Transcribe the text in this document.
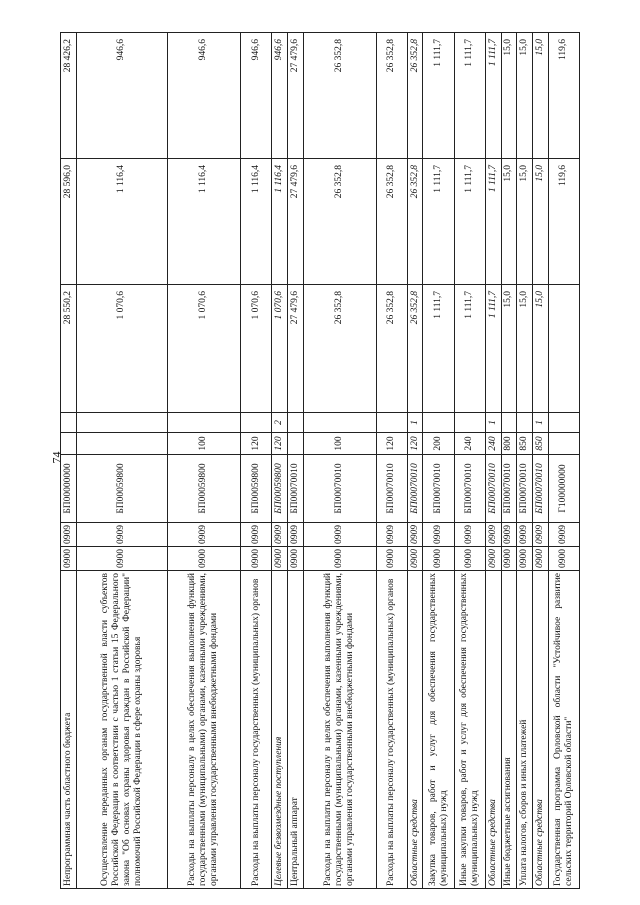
74
Непрограммная часть областного бюджета	0900	0909	БП00000000			28 550,2	28 596,0	28 426,2
Осуществление переданных органам государственной власти субъектов Российской Федерации в соответствии с частью 1 статьи 15 Федерального закона "Об основах охраны здоровья граждан в Российской Федерации" полномочий Российской Федерации в сфере охраны здоровья	0900	0909	БП00059800			1 070,6	1 116,4	946,6
Расходы на выплаты персоналу в целях обеспечения выполнения функций государственными (муниципальными) органами, казенными учреждениями, органами управления государственными внебюджетными фондами	0900	0909	БП00059800	100		1 070,6	1 116,4	946,6
Расходы на выплаты персоналу государственных (муниципальных) органов	0900	0909	БП00059800	120		1 070,6	1 116,4	946,6
Целевые безвозмездные поступления	0900	0909	БП00059800	120	2	1 070,6	1 116,4	946,6
Центральный аппарат	0900	0909	БП00070010			27 479,6	27 479,6	27 479,6
Расходы на выплаты персоналу в целях обеспечения выполнения функций государственными (муниципальными) органами, казенными учреждениями, органами управления государственными внебюджетными фондами	0900	0909	БП00070010	100		26 352,8	26 352,8	26 352,8
Расходы на выплаты персоналу государственных (муниципальных) органов	0900	0909	БП00070010	120		26 352,8	26 352,8	26 352,8
Областные средства	0900	0909	БП00070010	120	1	26 352,8	26 352,8	26 352,8
Закупка товаров, работ и услуг для обеспечения государственных (муниципальных) нужд	0900	0909	БП00070010	200		1 111,7	1 111,7	1 111,7
Иные закупки товаров, работ и услуг для обеспечения государственных (муниципальных) нужд	0900	0909	БП00070010	240		1 111,7	1 111,7	1 111,7
Областные средства	0900	0909	БП00070010	240	1	1 111,7	1 111,7	1 111,7
Иные бюджетные ассигнования	0900	0909	БП00070010	800		15,0	15,0	15,0
Уплата налогов, сборов и иных платежей	0900	0909	БП00070010	850		15,0	15,0	15,0
Областные средства	0900	0909	БП00070010	850	1	15,0	15,0	15,0
Государственная программа Орловской области "Устойчивое развитие сельских территорий Орловской области"	0900	0909	Г100000000				119,6	119,6
